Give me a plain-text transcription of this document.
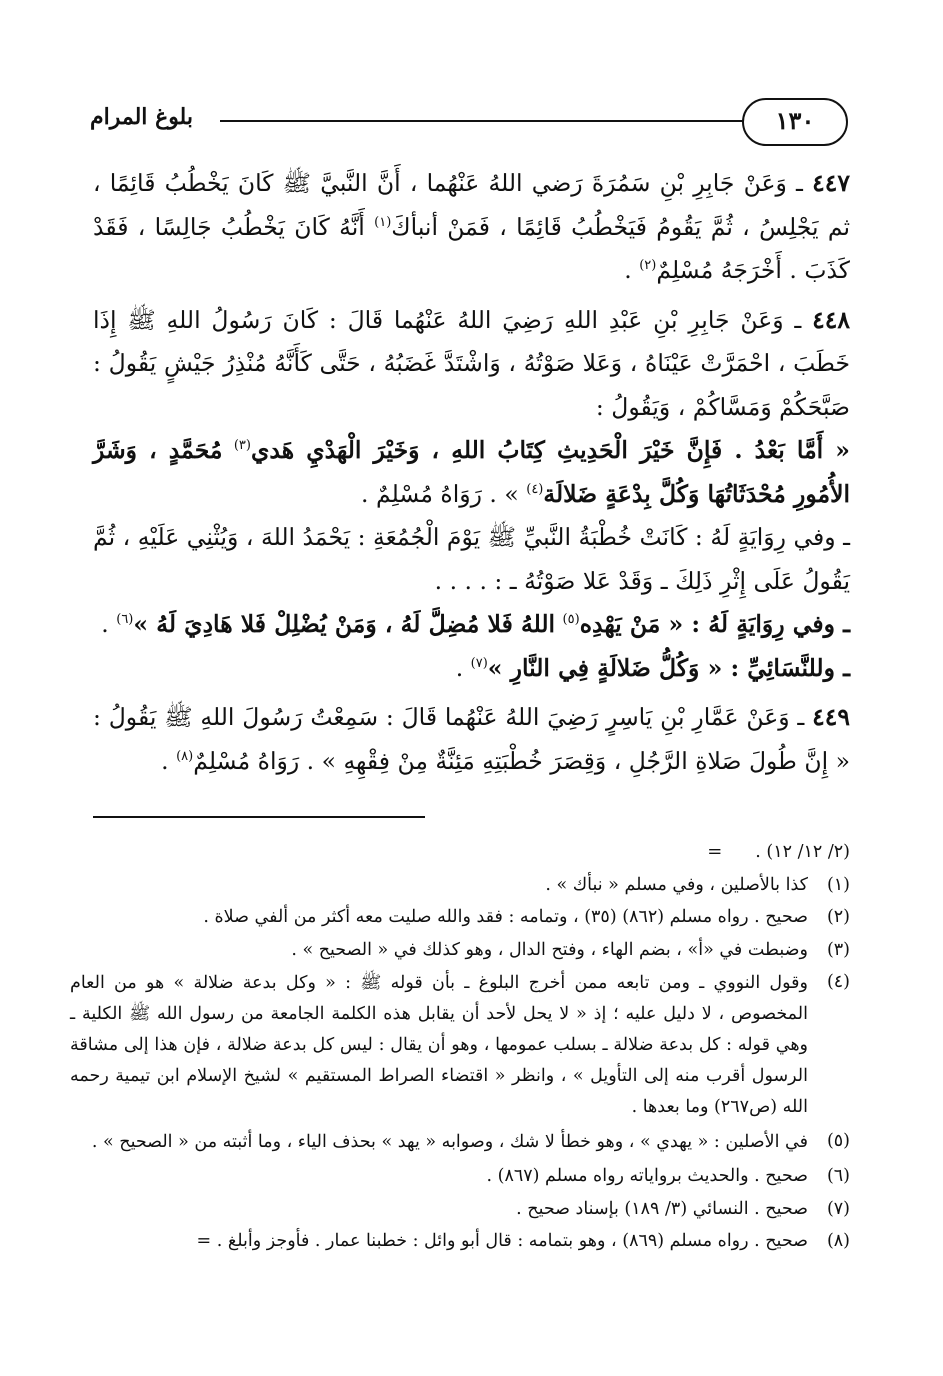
١٣٠
بلوغ المرام

٤٤٧ ـ وَعَنْ جَابِرِ بْنِ سَمُرَةَ رَضي اللهُ عَنْهُما ، أَنَّ النَّبيَّ ﷺ كَانَ يَخْطُبُ قَائِمًا ، ثم يَجْلِسُ ، ثُمَّ يَقُومُ فَيَخْطُبُ قَائِمًا ، فَمَنْ أنبأكَ$^{(١)}$ أَنَّهُ كَانَ يَخْطُبُ جَالِسًا ، فَقَدْ كَذَبَ . أَخْرَجَهُ مُسْلِمٌ$^{(٢)}$ .

٤٤٨ ـ وَعَنْ جَابِرِ بْنِ عَبْدِ اللهِ رَضِيَ اللهُ عَنْهُما قَالَ : كَانَ رَسُولُ اللهِ ﷺ إِذَا خَطَبَ ، احْمَرَّتْ عَيْنَاهُ ، وَعَلا صَوْتُهُ ، وَاشْتَدَّ غَضَبُهُ ، حَتَّى كَأَنَّهُ مُنْذِرُ جَيْشٍ يَقُولُ : صَبَّحَكُمْ وَمَسَّاكُمْ ، وَيَقُولُ :
« أَمَّا بَعْدُ . فَإِنَّ خَيْرَ الْحَدِيثِ كِتَابُ اللهِ ، وَخَيْرَ الْهَدْيِ هَدي$^{(٣)}$ مُحَمَّدٍ ، وَشَرَّ الأُمُورِ مُحْدَثَاتُهَا وَكُلَّ بِدْعَةٍ ضَلالَة$^{(٤)}$ » . رَوَاهُ مُسْلِمٌ .
ـ وفي رِوَايَةٍ لَهُ : كَانَتْ خُطْبَةُ النَّبيِّ ﷺ يَوْمَ الْجُمُعَةِ : يَحْمَدُ اللهَ ، وَيُثْنِي عَلَيْهِ ، ثُمَّ يَقُولُ عَلَى إِثْرِ ذَلِكَ ـ وَقَدْ عَلا صَوْتُهُ ـ : . . . .
ـ وفي رِوَايَةٍ لَهُ : « مَنْ يَهْدِه$^{(٥)}$ اللهُ فَلا مُضِلَّ لَهُ ، وَمَنْ يُضْلِلْ فَلا هَادِيَ لَهُ »$^{(٦)}$ .
ـ وللنَّسَائِيِّ : « وَكُلُّ ضَلالَةٍ فِي النَّارِ »$^{(٧)}$ .

٤٤٩ ـ وَعَنْ عَمَّارِ بْنِ يَاسِرٍ رَضِيَ اللهُ عَنْهُما قَالَ : سَمِعْتُ رَسُولَ اللهِ ﷺ يَقُولُ : « إِنَّ طُولَ صَلاةِ الرَّجُلِ ، وَقِصَرَ خُطْبَتِهِ مَئِنَّةٌ مِنْ فِقْهِهِ » . رَوَاهُ مُسْلِمٌ$^{(٨)}$ .

=	(٢/ ١٢/ ١٢) .
(١)
كذا بالأصلين ، وفي مسلم « نبأك » .
(٢)
صحيح . رواه مسلم (٨٦٢) (٣٥) ، وتمامه : فقد والله صليت معه أكثر من ألفي صلاة .
(٣)
وضبطت في «أ» ، بضم الهاء ، وفتح الدال ، وهو كذلك في « الصحيح » .
(٤)
وقول النووي ـ ومن تابعه ممن أخرج البلوغ ـ بأن قوله ﷺ : « وكل بدعة ضلالة » هو من العام المخصوص ، لا دليل عليه ؛ إذ « لا يحل لأحد أن يقابل هذه الكلمة الجامعة من رسول الله ﷺ الكلية ـ وهي قوله : كل بدعة ضلالة ـ بسلب عمومها ، وهو أن يقال : ليس كل بدعة ضلالة ، فإن هذا إلى مشاقة الرسول أقرب منه إلى التأويل » ، وانظر « اقتضاء الصراط المستقيم » لشيخ الإسلام ابن تيمية رحمه الله (ص٢٦٧) وما بعدها .
(٥)
في الأصلين : « يهدي » ، وهو خطأ لا شك ، وصوابه « يهد » بحذف الياء ، وما أثبته من « الصحيح » .
(٦)
صحيح . والحديث برواياته رواه مسلم (٨٦٧) .
(٧)
صحيح . النسائي (٣/ ١٨٩) بإسناد صحيح .
(٨)
صحيح . رواه مسلم (٨٦٩) ، وهو بتمامه : قال أبو وائل : خطبنا عمار . فأوجز وأبلغ . =
